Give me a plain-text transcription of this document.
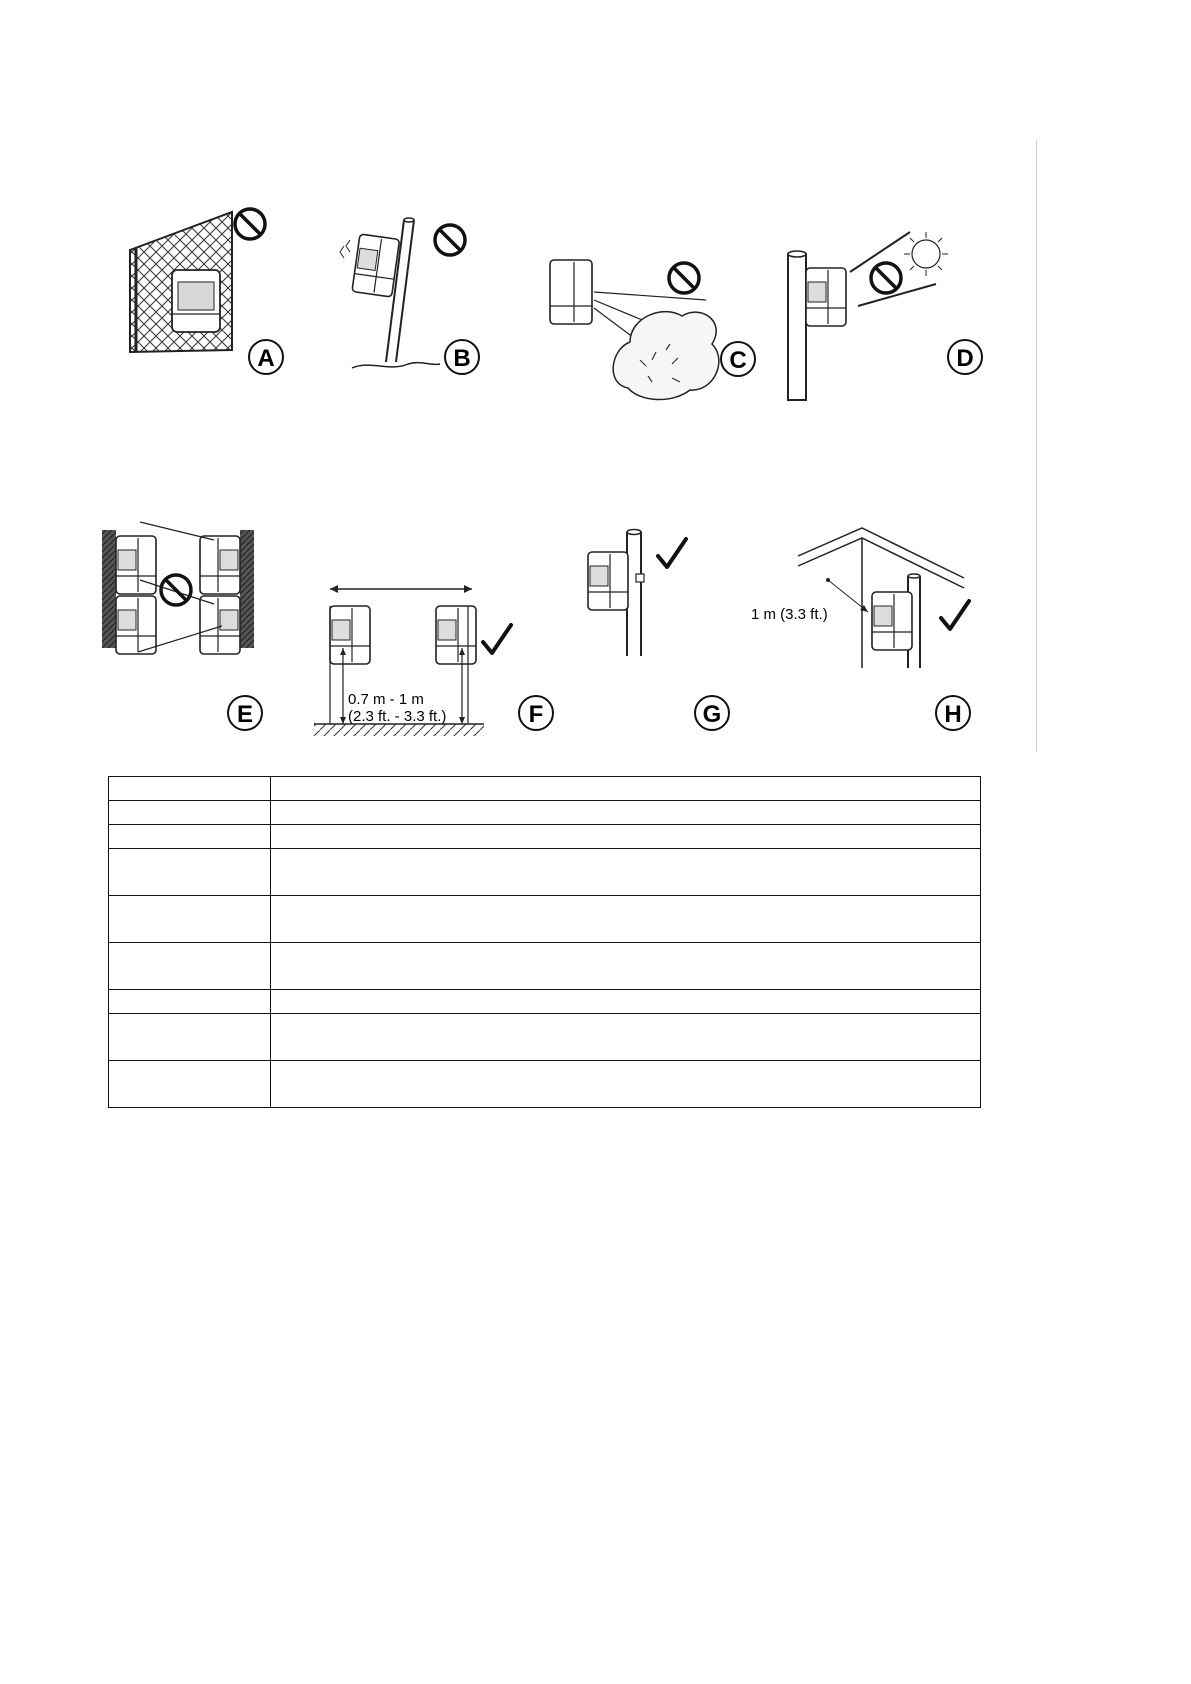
A	B	C	D
E
0.7 m - 1 m
(2.3 ft. - 3.3 ft.)	F	G
1 m (3.3 ft.)
H
